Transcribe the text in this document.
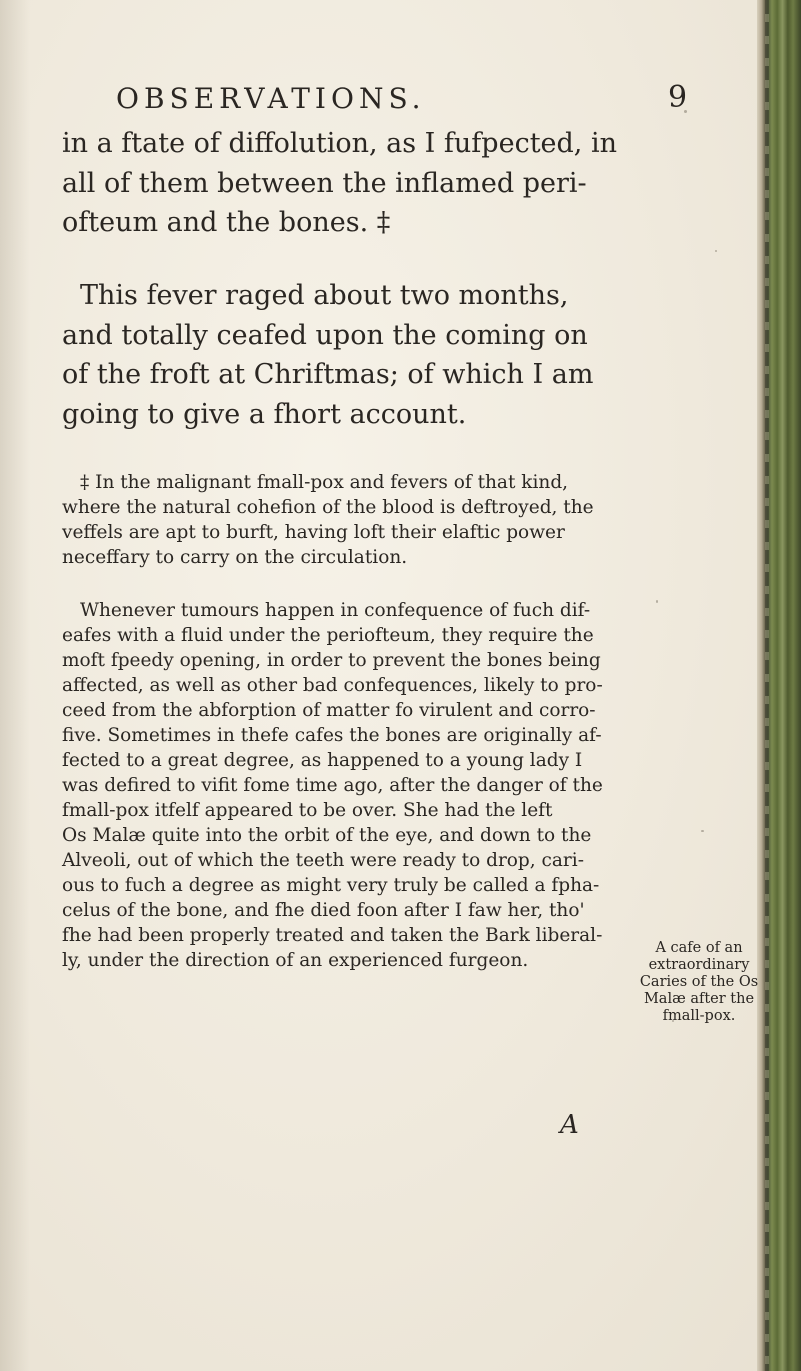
OBSERVATIONS.	9
in a ftate of diffolution, as I fufpected, in
all of them between the inflamed peri-
ofteum and the bones. ‡
This fever raged about two months,
and totally ceafed upon the coming on
of the froft at Chriftmas; of which I am
going to give a fhort account.
‡ In the malignant fmall-pox and fevers of that kind,
where the natural cohefion of the blood is deftroyed, the
veffels are apt to burft, having loft their elaftic power
neceffary to carry on the circulation.
Whenever tumours happen in confequence of fuch dif-
eafes with a fluid under the periofteum, they require the
moft fpeedy opening, in order to prevent the bones being
affected, as well as other bad confequences, likely to pro-
ceed from the abforption of matter fo virulent and corro-
five. Sometimes in thefe cafes the bones are originally af-
fected to a great degree, as happened to a young lady I
was defired to vifit fome time ago, after the danger of the
fmall-pox itfelf appeared to be over. She had the left
Os Malæ quite into the orbit of the eye, and down to the
Alveoli, out of which the teeth were ready to drop, cari-
ous to fuch a degree as might very truly be called a fpha-
celus of the bone, and fhe died foon after I faw her, tho'
fhe had been properly treated and taken the Bark liberal-
ly, under the direction of an experienced furgeon.
A cafe of an
extraordinary
Caries of the Os
Malæ after the
fmall-pox.
A
